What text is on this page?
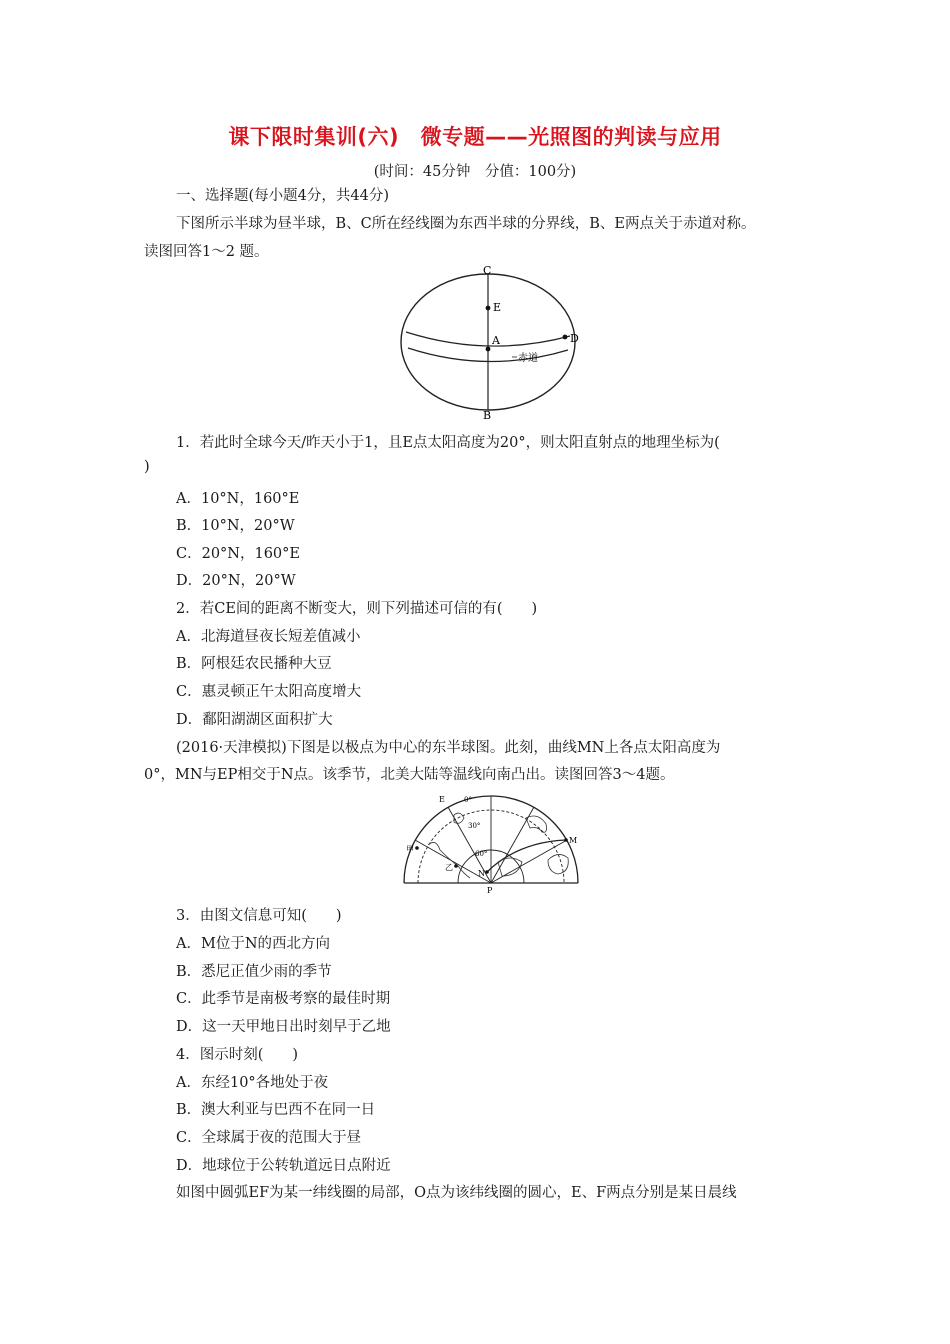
课下限时集训(六)　微专题——光照图的判读与应用
(时间：45分钟　分值：100分)
一、选择题(每小题4分，共44分)
下图所示半球为昼半球，B、C所在经线圈为东西半球的分界线，B、E两点关于赤道对称。
读图回答1～2 题。
C
E
A	D
B
赤道
1．若此时全球今天/昨天小于1，且E点太阳高度为20°，则太阳直射点的地理坐标为(
)
A．10°N，160°E
B．10°N，20°W
C．20°N，160°E
D．20°N，20°W
2．若CE间的距离不断变大，则下列描述可信的有(　　)
A．北海道昼夜长短差值减小
B．阿根廷农民播种大豆
C．惠灵顿正午太阳高度增大
D．鄱阳湖湖区面积扩大
(2016·天津模拟)下图是以极点为中心的东半球图。此刻，曲线MN上各点太阳高度为
0°，MN与EP相交于N点。该季节，北美大陆等温线向南凸出。读图回答3～4题。
E	0°
30°
60°
M
N
P
甲
乙
3．由图文信息可知(　　)
A．M位于N的西北方向
B．悉尼正值少雨的季节
C．此季节是南极考察的最佳时期
D．这一天甲地日出时刻早于乙地
4．图示时刻(　　)
A．东经10°各地处于夜
B．澳大利亚与巴西不在同一日
C．全球属于夜的范围大于昼
D．地球位于公转轨道远日点附近
如图中圆弧EF为某一纬线圈的局部，O点为该纬线圈的圆心，E、F两点分别是某日晨线
